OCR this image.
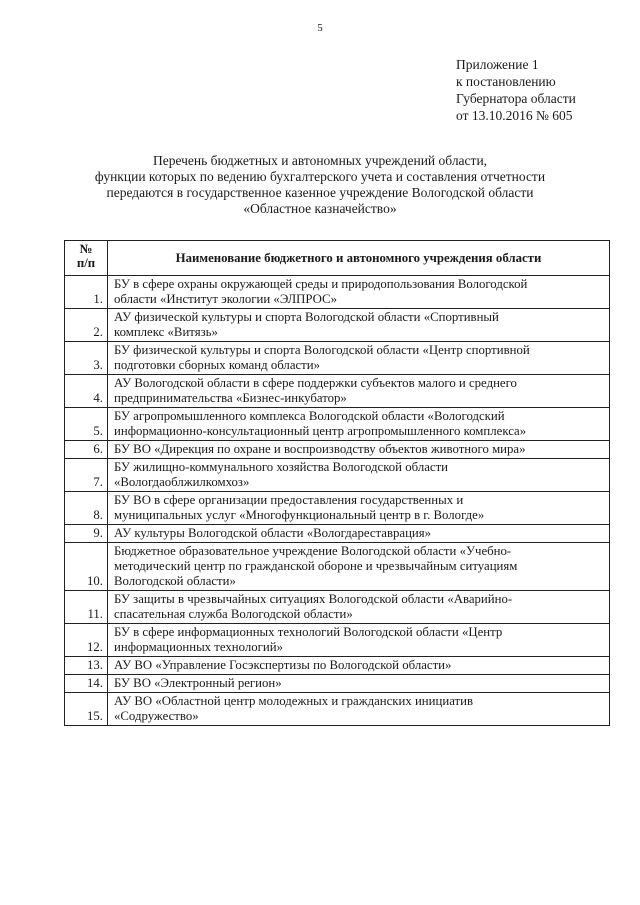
5
Приложение 1
к постановлению
Губернатора области
от 13.10.2016 № 605
Перечень бюджетных и автономных учреждений области,
функции которых по ведению бухгалтерского учета и составления отчетности
передаются в государственное казенное учреждение Вологодской области
«Областное казначейство»
№
п/п	Наименование бюджетного и автономного учреждения области
1.	БУ в сфере охраны окружающей среды и природопользования Вологодской
области «Институт экологии «ЭЛПРОС»

2.	АУ физической культуры и спорта Вологодской области «Спортивный
комплекс «Витязь»

3.	БУ физической культуры и спорта Вологодской области «Центр спортивной
подготовки сборных команд области»

4.	АУ Вологодской области в сфере поддержки субъектов малого и среднего
предпринимательства «Бизнес-инкубатор»

5.	БУ агропромышленного комплекса Вологодской области «Вологодский
информационно-консультационный центр агропромышленного комплекса»

6.	БУ ВО «Дирекция по охране и воспроизводству объектов животного мира»

7.	БУ жилищно-коммунального хозяйства Вологодской области
«Вологдаоблжилкомхоз»

8.	БУ ВО в сфере организации предоставления государственных и
муниципальных услуг «Многофункциональный центр в г. Вологде»

9.	АУ культуры Вологодской области «Вологдареставрация»

10.	Бюджетное образовательное учреждение Вологодской области «Учебно-
методический центр по гражданской обороне и чрезвычайным ситуациям
Вологодской области»

11.	БУ защиты в чрезвычайных ситуациях Вологодской области «Аварийно-
спасательная служба Вологодской области»

12.	БУ в сфере информационных технологий Вологодской области «Центр
информационных технологий»

13.	АУ ВО «Управление Госэкспертизы по Вологодской области»

14.	БУ ВО «Электронный регион»

15.	АУ ВО «Областной центр молодежных и гражданских инициатив
«Содружество»
